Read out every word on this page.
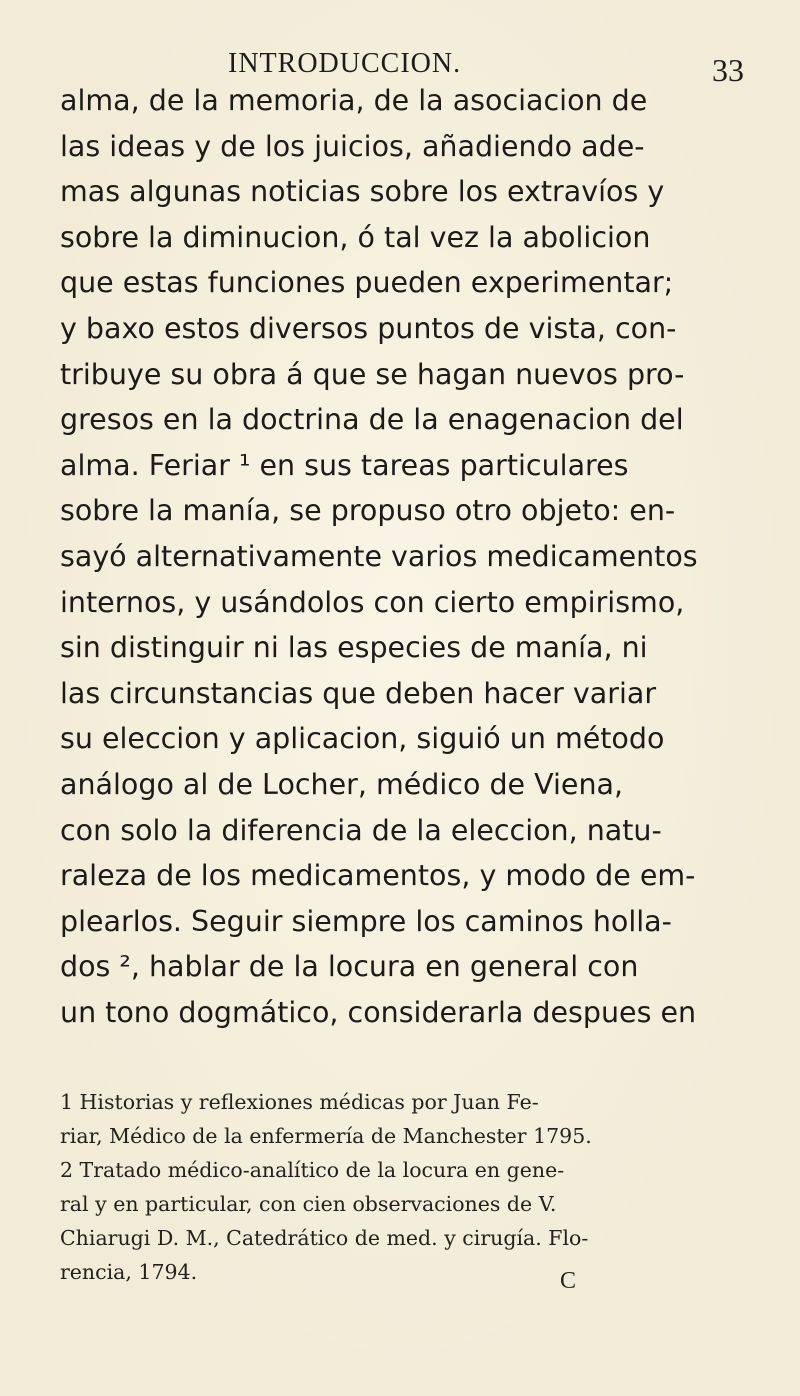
INTRODUCCION.	33
alma, de la memoria, de la asociacion de
las ideas y de los juicios, añadiendo ade-
mas algunas noticias sobre los extravíos y
sobre la diminucion, ó tal vez la abolicion
que estas funciones pueden experimentar;
y baxo estos diversos puntos de vista, con-
tribuye su obra á que se hagan nuevos pro-
gresos en la doctrina de la enagenacion del
alma. Feriar ¹ en sus tareas particulares
sobre la manía, se propuso otro objeto: en-
sayó alternativamente varios medicamentos
internos, y usándolos con cierto empirismo,
sin distinguir ni las especies de manía, ni
las circunstancias que deben hacer variar
su eleccion y aplicacion, siguió un método
análogo al de Locher, médico de Viena,
con solo la diferencia de la eleccion, natu-
raleza de los medicamentos, y modo de em-
plearlos. Seguir siempre los caminos holla-
dos ², hablar de la locura en general con
un tono dogmático, considerarla despues en
1 Historias y reflexiones médicas por Juan Fe-
riar, Médico de la enfermería de Manchester 1795.
2 Tratado médico-analítico de la locura en gene-
ral y en particular, con cien observaciones de V.
Chiarugi D. M., Catedrático de med. y cirugía. Flo-
rencia, 1794.	C
